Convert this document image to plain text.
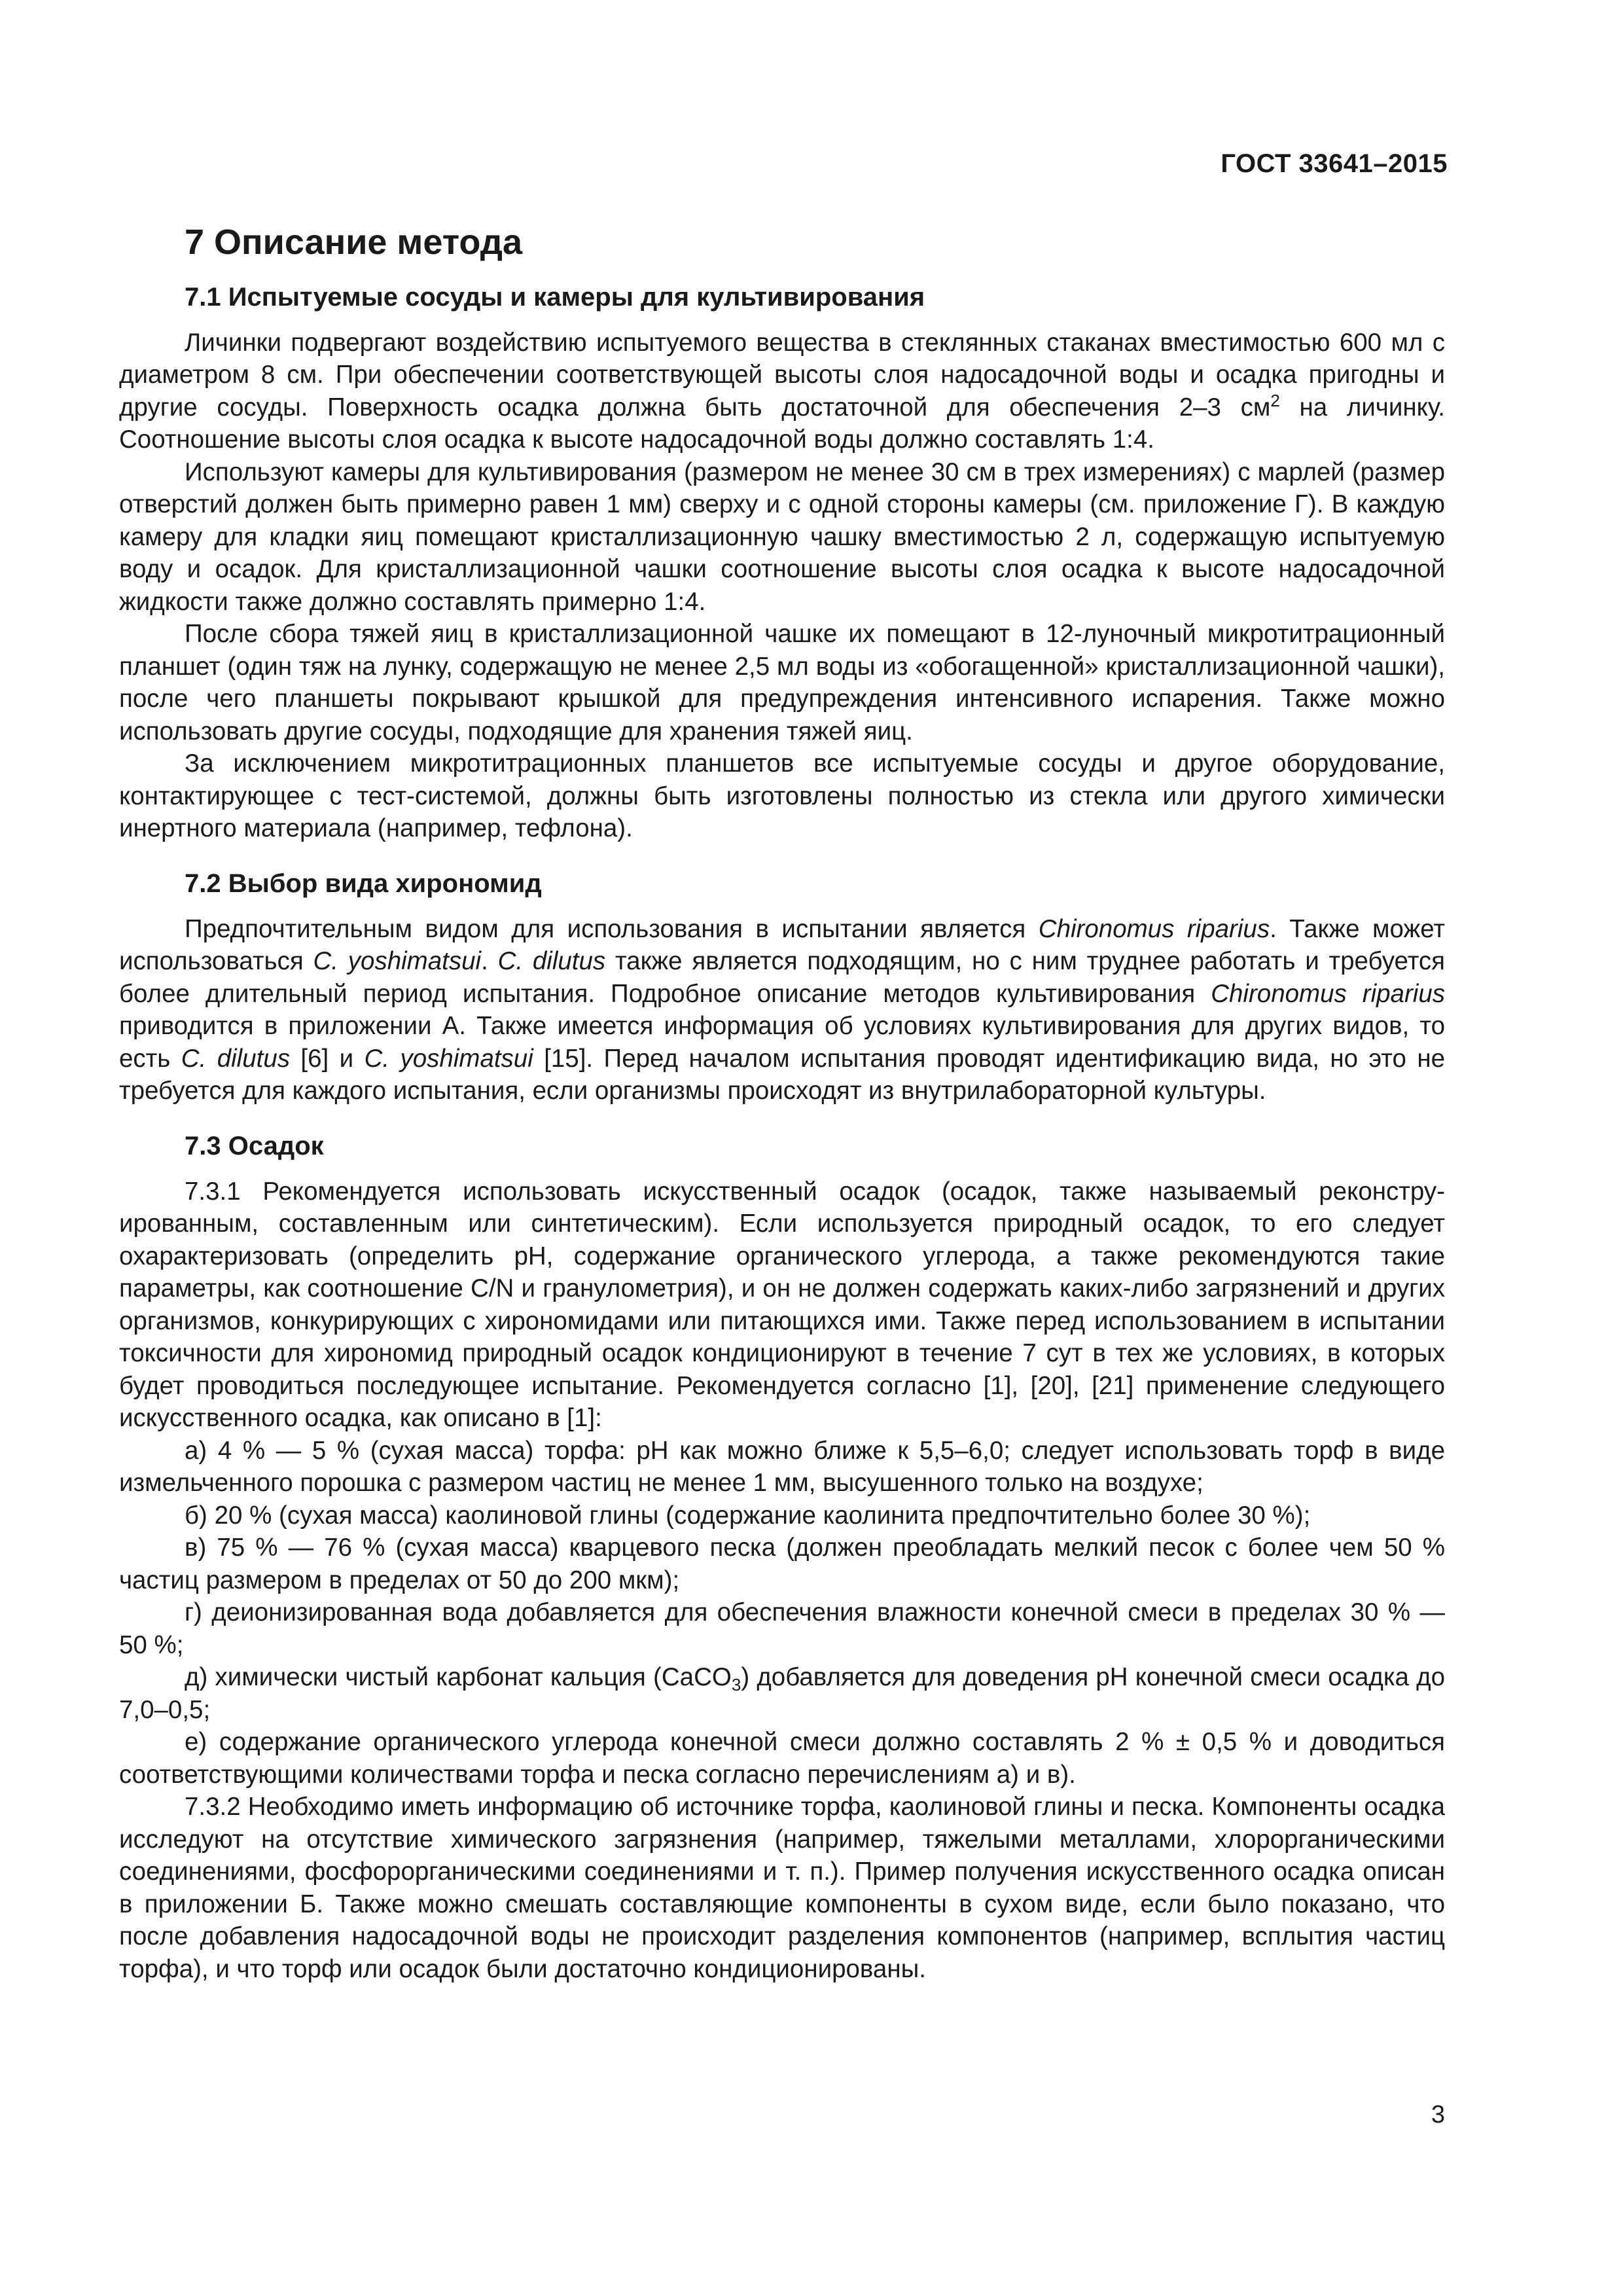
ГОСТ 33641–2015
7 Описание метода
7.1 Испытуемые сосуды и камеры для культивирования

Личинки подвергают воздействию испытуемого вещества в стеклянных стаканах вместимостью 600 мл с диаметром 8 см. При обеспечении соответствующей высоты слоя надосадочной воды и осадка пригодны и другие сосуды. Поверхность осадка должна быть достаточной для обеспечения 2–3 $см^2$ на личинку. Соотношение высоты слоя осадка к высоте надосадочной воды должно составлять 1:4.

Используют камеры для культивирования (размером не менее 30 см в трех измерениях) с марлей (размер отверстий должен быть примерно равен 1 мм) сверху и с одной стороны камеры (см. приложение Г). В каждую камеру для кладки яиц помещают кристаллизационную чашку вместимостью 2 л, содержащую испытуемую воду и осадок. Для кристаллизационной чашки соотношение высоты слоя осадка к высоте надосадочной жидкости также должно составлять примерно 1:4.

После сбора тяжей яиц в кристаллизационной чашке их помещают в 12-луночный микротитрационный планшет (один тяж на лунку, содержащую не менее 2,5 мл воды из «обогащенной» кристаллизационной чашки), после чего планшеты покрывают крышкой для предупреждения интенсивного испарения. Также можно использовать другие сосуды, подходящие для хранения тяжей яиц.

За исключением микротитрационных планшетов все испытуемые сосуды и другое оборудование, контактирующее с тест-системой, должны быть изготовлены полностью из стекла или другого химически инертного материала (например, тефлона).

7.2 Выбор вида хирономид

Предпочтительным видом для использования в испытании является Chironomus riparius. Также может использоваться C. yoshimatsui. C. dilutus также является подходящим, но с ним труднее работать и требуется более длительный период испытания. Подробное описание методов культивирования Chironomus riparius приводится в приложении А. Также имеется информация об условиях культивирования для других видов, то есть C. dilutus [6] и C. yoshimatsui [15]. Перед началом испытания проводят идентификацию вида, но это не требуется для каждого испытания, если организмы происходят из внутрилабораторной культуры.

7.3 Осадок

7.3.1 Рекомендуется использовать искусственный осадок (осадок, также называемый реконструированным, составленным или синтетическим). Если используется природный осадок, то его следует охарактеризовать (определить pH, содержание органического углерода, а также рекомендуются такие параметры, как соотношение C/N и гранулометрия), и он не должен содержать каких-либо загрязнений и других организмов, конкурирующих с хирономидами или питающихся ими. Также перед использованием в испытании токсичности для хирономид природный осадок кондиционируют в течение 7 сут в тех же условиях, в которых будет проводиться последующее испытание. Рекомендуется согласно [1], [20], [21] применение следующего искусственного осадка, как описано в [1]:

а) 4 % — 5 % (сухая масса) торфа: pH как можно ближе к 5,5–6,0; следует использовать торф в виде измельченного порошка с размером частиц не менее 1 мм, высушенного только на воздухе;

б) 20 % (сухая масса) каолиновой глины (содержание каолинита предпочтительно более 30 %);

в) 75 % — 76 % (сухая масса) кварцевого песка (должен преобладать мелкий песок с более чем 50 % частиц размером в пределах от 50 до 200 мкм);

г) деионизированная вода добавляется для обеспечения влажности конечной смеси в пределах 30 % — 50 %;

д) химически чистый карбонат кальция (CaCO$_3$) добавляется для доведения pH конечной смеси осадка до 7,0–0,5;

е) содержание органического углерода конечной смеси должно составлять 2 % ± 0,5 % и доводиться соответствующими количествами торфа и песка согласно перечислениям а) и в).

7.3.2 Необходимо иметь информацию об источнике торфа, каолиновой глины и песка. Компоненты осадка исследуют на отсутствие химического загрязнения (например, тяжелыми металлами, хлорорганическими соединениями, фосфорорганическими соединениями и т. п.). Пример получения искусственного осадка описан в приложении Б. Также можно смешать составляющие компоненты в сухом виде, если было показано, что после добавления надосадочной воды не происходит разделения компонентов (например, всплытия частиц торфа), и что торф или осадок были достаточно кондиционированы.

3
